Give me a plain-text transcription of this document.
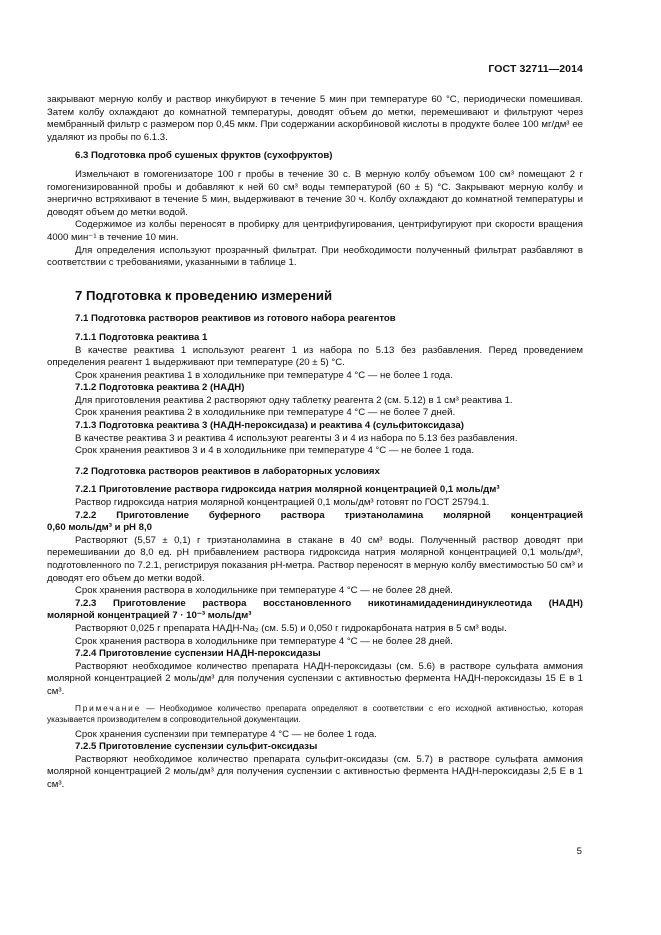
ГОСТ 32711—2014

закрывают мерную колбу и раствор инкубируют в течение 5 мин при температуре 60 °С, периодически помешивая. Затем колбу охлаждают до комнатной температуры, доводят объем до метки, перемешивают и фильтруют через мембранный фильтр с размером пор 0,45 мкм. При содержании аскорбиновой кислоты в продукте более 100 мг/дм³ ее удаляют из пробы по 6.1.3.

6.3 Подготовка проб сушеных фруктов (сухофруктов)

Измельчают в гомогенизаторе 100 г пробы в течение 30 с. В мерную колбу объемом 100 см³ помещают 2 г гомогенизированной пробы и добавляют к ней 60 см³ воды температурой (60 ± 5) °С. Закрывают мерную колбу и энергично встряхивают в течение 5 мин, выдерживают в течение 30 ч. Колбу охлаждают до комнатной температуры и доводят объем до метки водой.

Содержимое из колбы переносят в пробирку для центрифугирования, центрифугируют при скорости вращения 4000 мин⁻¹ в течение 10 мин.

Для определения используют прозрачный фильтрат. При необходимости полученный фильтрат разбавляют в соответствии с требованиями, указанными в таблице 1.

7 Подготовка к проведению измерений

7.1 Подготовка растворов реактивов из готового набора реагентов

7.1.1 Подготовка реактива 1

В качестве реактива 1 используют реагент 1 из набора по 5.13 без разбавления. Перед проведением определения реагент 1 выдерживают при температуре (20 ± 5) °С.

Срок хранения реактива 1 в холодильнике при температуре 4 °С — не более 1 года.

7.1.2 Подготовка реактива 2 (НАДН)

Для приготовления реактива 2 растворяют одну таблетку реагента 2 (см. 5.12) в 1 см³ реактива 1.

Срок хранения реактива 2 в холодильнике при температуре 4 °С — не более 7 дней.

7.1.3 Подготовка реактива 3 (НАДН-пероксидаза) и реактива 4 (сульфитоксидаза)

В качестве реактива 3 и реактива 4 используют реагенты 3 и 4 из набора по 5.13 без разбавления.

Срок хранения реактивов 3 и 4 в холодильнике при температуре 4 °С — не более 1 года.

7.2 Подготовка растворов реактивов в лабораторных условиях

7.2.1 Приготовление раствора гидроксида натрия молярной концентрацией 0,1 моль/дм³

Раствор гидроксида натрия молярной концентрацией 0,1 моль/дм³ готовят по ГОСТ 25794.1.

7.2.2 Приготовление буферного раствора триэтаноламина молярной концентрацией

0,60 моль/дм³ и pH 8,0

Растворяют (5,57 ± 0,1) г триэтаноламина в стакане в 40 см³ воды. Полученный раствор доводят при перемешивании до 8,0 ед. pH прибавлением раствора гидроксида натрия молярной концентрацией 0,1 моль/дм³, подготовленного по 7.2.1, регистрируя показания pH-метра. Раствор переносят в мерную колбу вместимостью 50 см³ и доводят его объем до метки водой.

Срок хранения раствора в холодильнике при температуре 4 °С — не более 28 дней.

7.2.3 Приготовление раствора восстановленного никотинамидадениндинуклеотида (НАДН)

молярной концентрацией 7 · 10⁻³ моль/дм³

Растворяют 0,025 г препарата НАДН-Na₂ (см. 5.5) и 0,050 г гидрокарбоната натрия в 5 см³ воды.

Срок хранения раствора в холодильнике при температуре 4 °С — не более 28 дней.

7.2.4 Приготовление суспензии НАДН-пероксидазы

Растворяют необходимое количество препарата НАДН-пероксидазы (см. 5.6) в растворе сульфата аммония молярной концентрацией 2 моль/дм³ для получения суспензии с активностью фермента НАДН-пероксидазы 15 Е в 1 см³.

Примечание — Необходимое количество препарата определяют в соответствии с его исходной активностью, которая указывается производителем в сопроводительной документации.

Срок хранения суспензии при температуре 4 °С — не более 1 года.

7.2.5 Приготовление суспензии сульфит-оксидазы

Растворяют необходимое количество препарата сульфит-оксидазы (см. 5.7) в растворе сульфата аммония молярной концентрацией 2 моль/дм³ для получения суспензии с активностью фермента НАДН-пероксидазы 2,5 Е в 1 см³.

5
